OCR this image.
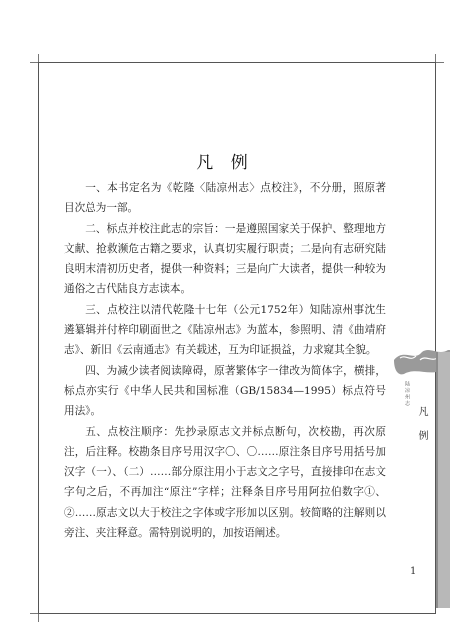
陆 凉 州 志
凡例
凡 例

一、本书定名为《乾隆〈陆凉州志〉点校注》，不分册，照原著目次总为一部。

二、标点并校注此志的宗旨：一是遵照国家关于保护、整理地方文献、抢救濒危古籍之要求，认真切实履行职责；二是向有志研究陆良明末清初历史者，提供一种资料；三是向广大读者，提供一种较为通俗之古代陆良方志读本。

三、点校注以清代乾隆十七年（公元1752年）知陆凉州事沈生遴纂辑并付梓印刷面世之《陆凉州志》为蓝本，参照明、清《曲靖府志》、新旧《云南通志》有关载述，互为印证损益，力求窥其全貌。

四、为减少读者阅读障碍，原著繁体字一律改为简体字，横排，标点亦实行《中华人民共和国标准（GB/15834—1995）标点符号用法》。

五、点校注顺序：先抄录原志文并标点断句，次校勘，再次原注，后注释。校勘条目序号用汉字〇、〇……原注条目序号用括号加汉字（一）、（二）……部分原注用小于志文之字号，直接排印在志文字句之后，不再加注“原注”字样；注释条目序号用阿拉伯数字①、②……原志文以大于校注之字体或字形加以区别。较简略的注解则以旁注、夹注释意。需特别说明的，加按语阐述。

1
